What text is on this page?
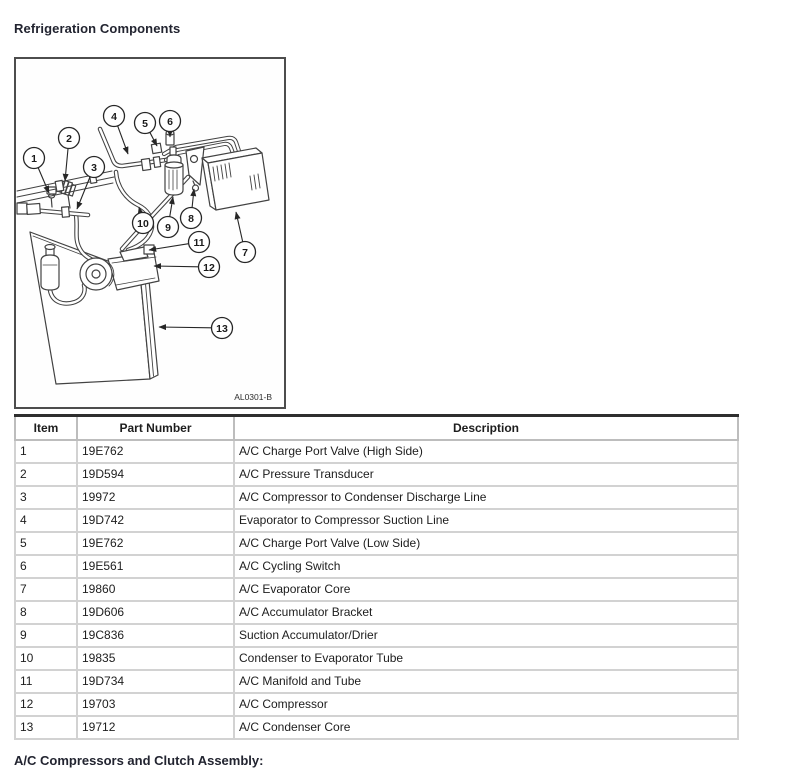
Refrigeration Components
1
2
3
4
5 6
7
8
9
10
11
12
13
AL0301-B
Item	Part Number	Description
1	19E762	A/C Charge Port Valve (High Side)
2	19D594	A/C Pressure Transducer
3	19972	A/C Compressor to Condenser Discharge Line
4	19D742	Evaporator to Compressor Suction Line
5	19E762	A/C Charge Port Valve (Low Side)
6	19E561	A/C Cycling Switch
7	19860	A/C Evaporator Core
8	19D606	A/C Accumulator Bracket
9	19C836	Suction Accumulator/Drier
10	19835	Condenser to Evaporator Tube
11	19D734	A/C Manifold and Tube
12	19703	A/C Compressor
13	19712	A/C Condenser Core
A/C Compressors and Clutch Assembly:
